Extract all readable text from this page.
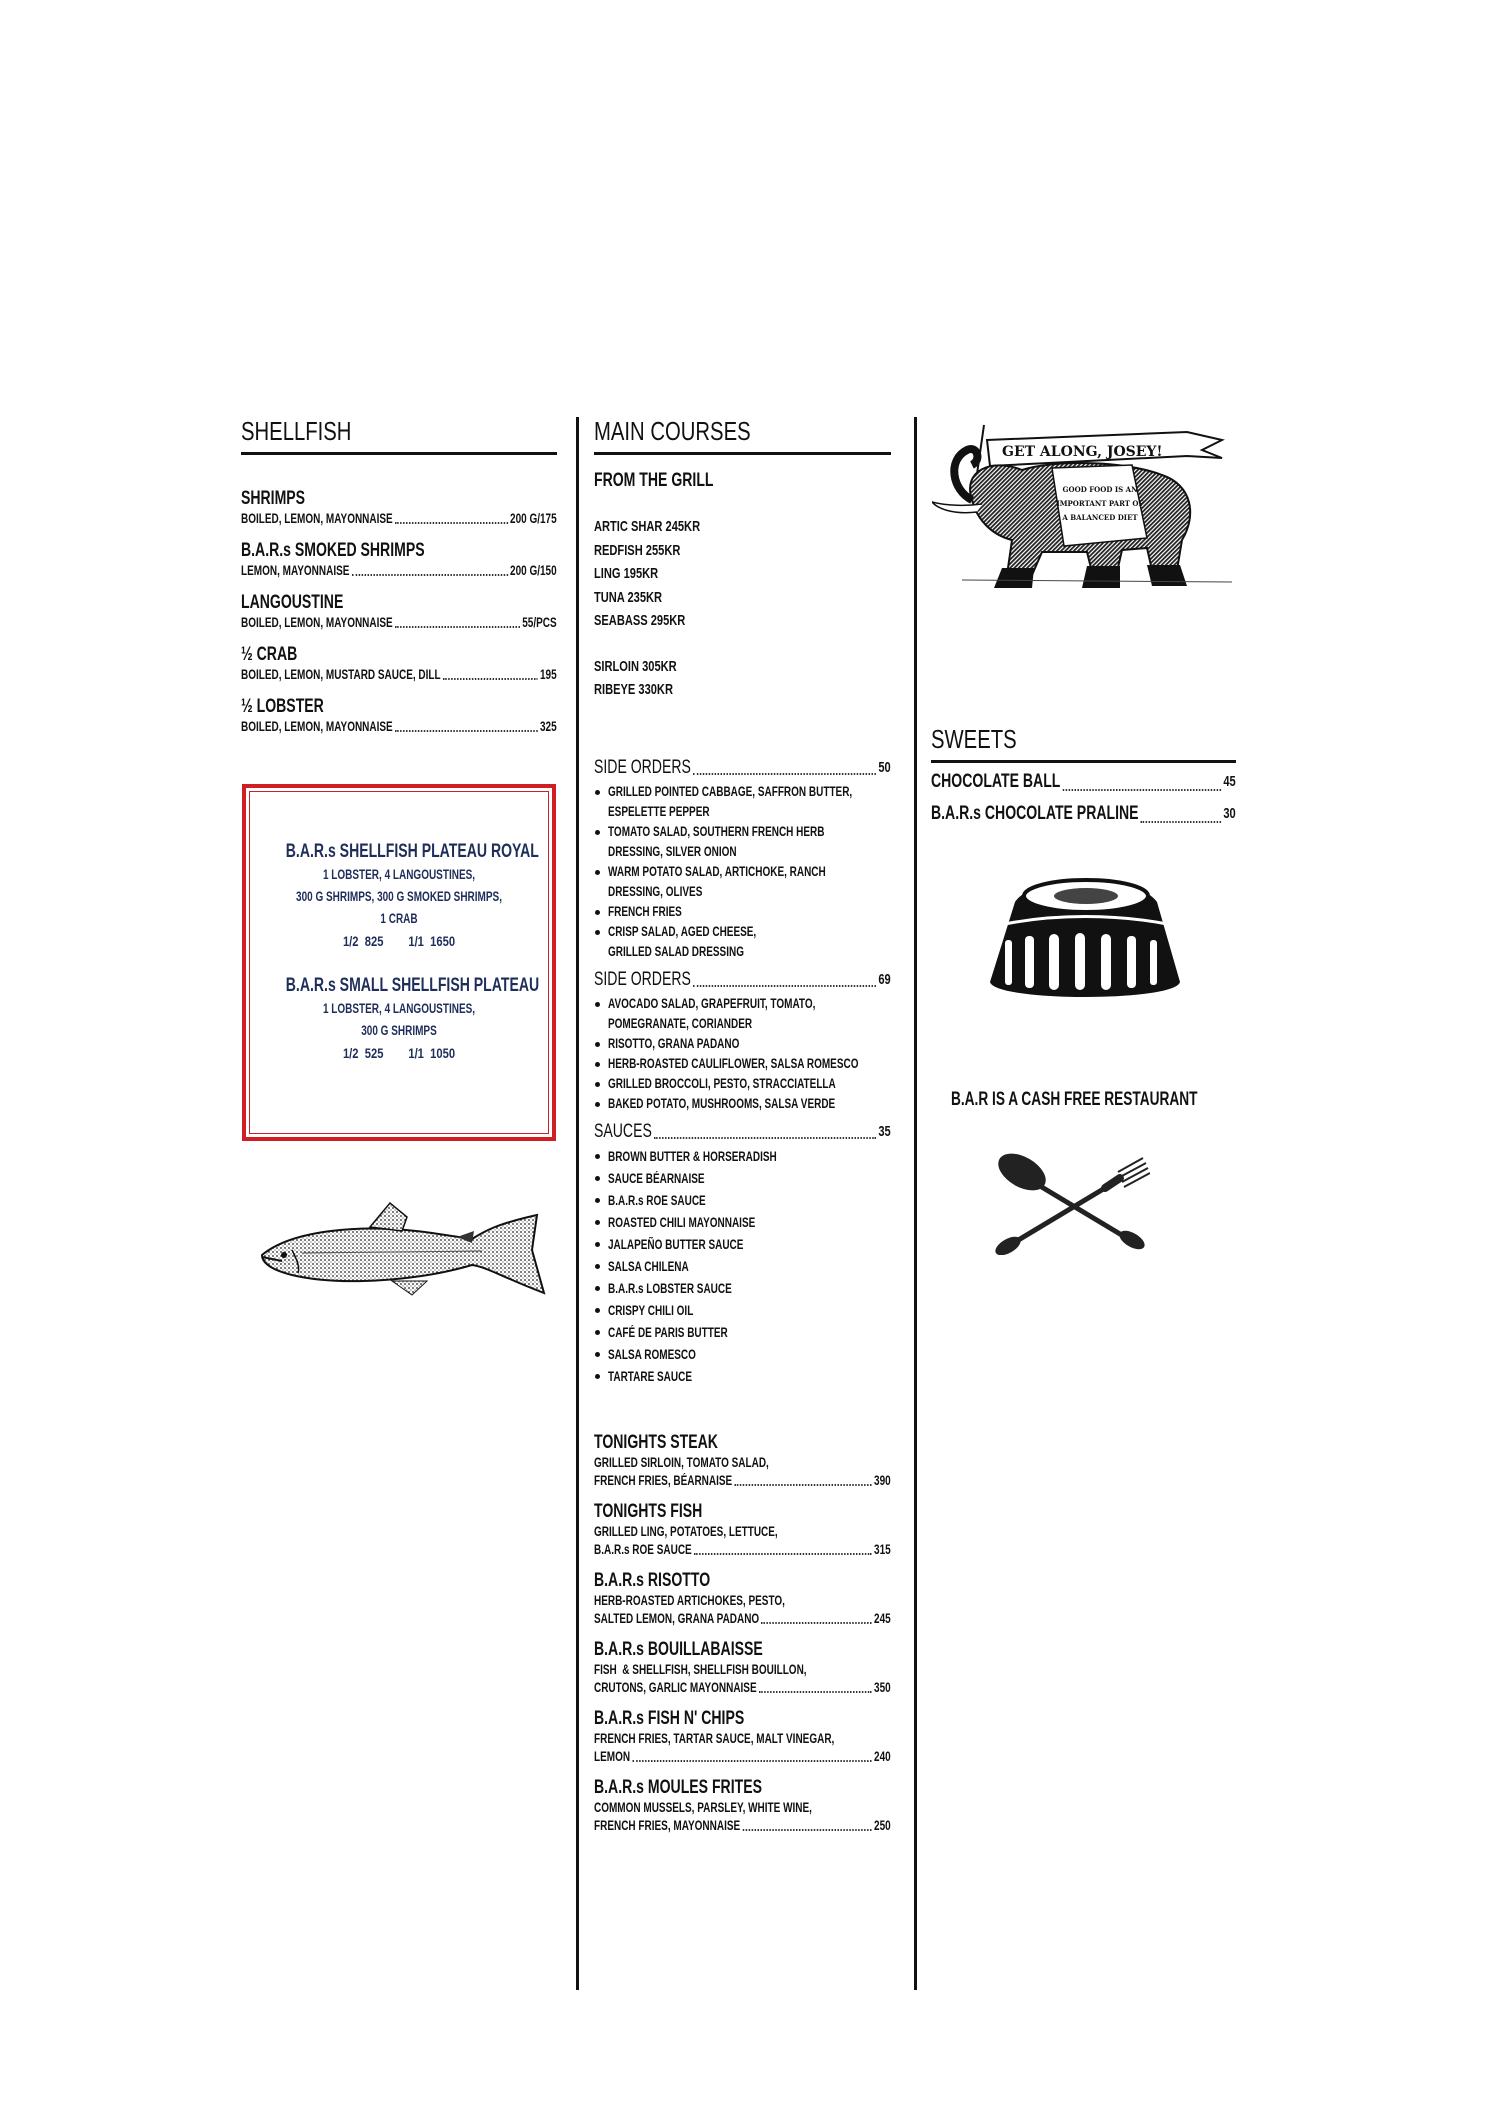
SHELLFISH
SHRIMPS
BOILED, LEMON, MAYONNAISE	200 G/175
B.A.R.s SMOKED SHRIMPS
LEMON, MAYONNAISE	200 G/150
LANGOUSTINE
BOILED, LEMON, MAYONNAISE	55/PCS
½ CRAB
BOILED, LEMON, MUSTARD SAUCE, DILL	195
½ LOBSTER
BOILED, LEMON, MAYONNAISE	325
B.A.R.s SHELLFISH PLATEAU ROYAL
1 LOBSTER, 4 LANGOUSTINES,
300 G SHRIMPS, 300 G SMOKED SHRIMPS,
1 CRAB
1/2  825 1/1  1650
B.A.R.s SMALL SHELLFISH PLATEAU
1 LOBSTER, 4 LANGOUSTINES,
300 G SHRIMPS
1/2  525 1/1  1050
MAIN COURSES
FROM THE GRILL
ARTIC SHAR 245KR
REDFISH 255KR
LING 195KR
TUNA 235KR
SEABASS 295KR
SIRLOIN 305KR
RIBEYE 330KR
SIDE ORDERS	50
GRILLED POINTED CABBAGE, SAFFRON BUTTER,
ESPELETTE PEPPER
TOMATO SALAD, SOUTHERN FRENCH HERB
DRESSING, SILVER ONION
WARM POTATO SALAD, ARTICHOKE, RANCH
DRESSING, OLIVES
FRENCH FRIES
CRISP SALAD, AGED CHEESE,
GRILLED SALAD DRESSING
SIDE ORDERS	69
AVOCADO SALAD, GRAPEFRUIT, TOMATO,
POMEGRANATE, CORIANDER
RISOTTO, GRANA PADANO
HERB-ROASTED CAULIFLOWER, SALSA ROMESCO
GRILLED BROCCOLI, PESTO, STRACCIATELLA
BAKED POTATO, MUSHROOMS, SALSA VERDE
SAUCES	35
BROWN BUTTER & HORSERADISH
SAUCE BÉARNAISE
B.A.R.s ROE SAUCE
ROASTED CHILI MAYONNAISE
JALAPEÑO BUTTER SAUCE
SALSA CHILENA
B.A.R.s LOBSTER SAUCE
CRISPY CHILI OIL
CAFÉ DE PARIS BUTTER
SALSA ROMESCO
TARTARE SAUCE
TONIGHTS STEAK
GRILLED SIRLOIN, TOMATO SALAD,
FRENCH FRIES, BÉARNAISE	390
TONIGHTS FISH
GRILLED LING, POTATOES, LETTUCE,
B.A.R.s ROE SAUCE	315
B.A.R.s RISOTTO
HERB-ROASTED ARTICHOKES, PESTO,
SALTED LEMON, GRANA PADANO	245
B.A.R.s BOUILLABAISSE
FISH  & SHELLFISH, SHELLFISH BOUILLON,
CRUTONS, GARLIC MAYONNAISE	350
B.A.R.s FISH N' CHIPS
FRENCH FRIES, TARTAR SAUCE, MALT VINEGAR,
LEMON	240
B.A.R.s MOULES FRITES
COMMON MUSSELS, PARSLEY, WHITE WINE,
FRENCH FRIES, MAYONNAISE	250
GET ALONG, JOSEY!
GOOD FOOD IS AN
IMPORTANT PART OF
A BALANCED DIET
SWEETS
CHOCOLATE BALL	45
B.A.R.s CHOCOLATE PRALINE	30
B.A.R IS A CASH FREE RESTAURANT
